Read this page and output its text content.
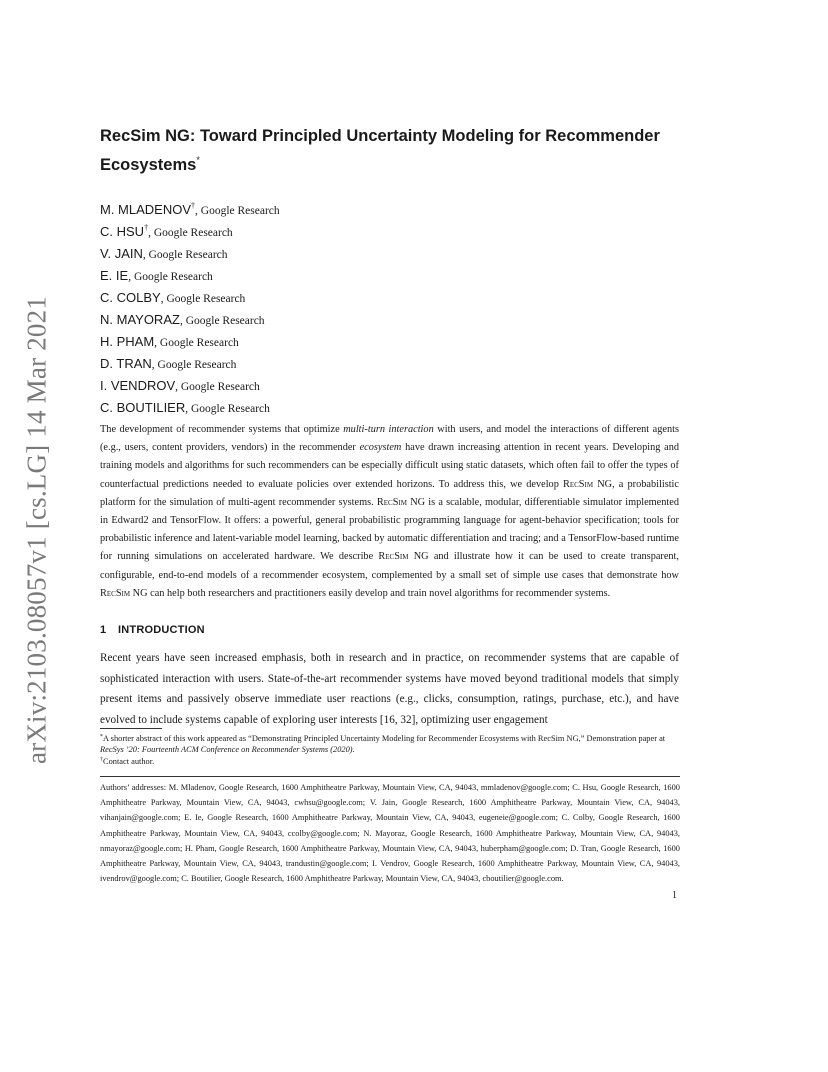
arXiv:2103.08057v1 [cs.LG] 14 Mar 2021
RecSim NG: Toward Principled Uncertainty Modeling for Recommender Ecosystems*
M. MLADENOV†, Google Research
C. HSU†, Google Research
V. JAIN, Google Research
E. IE, Google Research
C. COLBY, Google Research
N. MAYORAZ, Google Research
H. PHAM, Google Research
D. TRAN, Google Research
I. VENDROV, Google Research
C. BOUTILIER, Google Research
The development of recommender systems that optimize multi-turn interaction with users, and model the interactions of different agents (e.g., users, content providers, vendors) in the recommender ecosystem have drawn increasing attention in recent years. Developing and training models and algorithms for such recommenders can be especially difficult using static datasets, which often fail to offer the types of counterfactual predictions needed to evaluate policies over extended horizons. To address this, we develop RecSim NG, a probabilistic platform for the simulation of multi-agent recommender systems. RecSim NG is a scalable, modular, differentiable simulator implemented in Edward2 and TensorFlow. It offers: a powerful, general probabilistic programming language for agent-behavior specification; tools for probabilistic inference and latent-variable model learning, backed by automatic differentiation and tracing; and a TensorFlow-based runtime for running simulations on accelerated hardware. We describe RecSim NG and illustrate how it can be used to create transparent, configurable, end-to-end models of a recommender ecosystem, complemented by a small set of simple use cases that demonstrate how RecSim NG can help both researchers and practitioners easily develop and train novel algorithms for recommender systems.
1 INTRODUCTION
Recent years have seen increased emphasis, both in research and in practice, on recommender systems that are capable of sophisticated interaction with users. State-of-the-art recommender systems have moved beyond traditional models that simply present items and passively observe immediate user reactions (e.g., clicks, consumption, ratings, purchase, etc.), and have evolved to include systems capable of exploring user interests [16, 32], optimizing user engagement
*A shorter abstract of this work appeared as “Demonstrating Principled Uncertainty Modeling for Recommender Ecosystems with RecSim NG,” Demonstration paper at RecSys ’20: Fourteenth ACM Conference on Recommender Systems (2020).
†Contact author.
Authors’ addresses: M. Mladenov, Google Research, 1600 Amphitheatre Parkway, Mountain View, CA, 94043, mmladenov@google.com; C. Hsu, Google Research, 1600 Amphitheatre Parkway, Mountain View, CA, 94043, cwhsu@google.com; V. Jain, Google Research, 1600 Amphitheatre Parkway, Mountain View, CA, 94043, vihanjain@google.com; E. Ie, Google Research, 1600 Amphitheatre Parkway, Mountain View, CA, 94043, eugeneie@google.com; C. Colby, Google Research, 1600 Amphitheatre Parkway, Mountain View, CA, 94043, ccolby@google.com; N. Mayoraz, Google Research, 1600 Amphitheatre Parkway, Mountain View, CA, 94043, nmayoraz@google.com; H. Pham, Google Research, 1600 Amphitheatre Parkway, Mountain View, CA, 94043, huberpham@google.com; D. Tran, Google Research, 1600 Amphitheatre Parkway, Mountain View, CA, 94043, trandustin@google.com; I. Vendrov, Google Research, 1600 Amphitheatre Parkway, Mountain View, CA, 94043, ivendrov@google.com; C. Boutilier, Google Research, 1600 Amphitheatre Parkway, Mountain View, CA, 94043, cboutilier@google.com.
1
